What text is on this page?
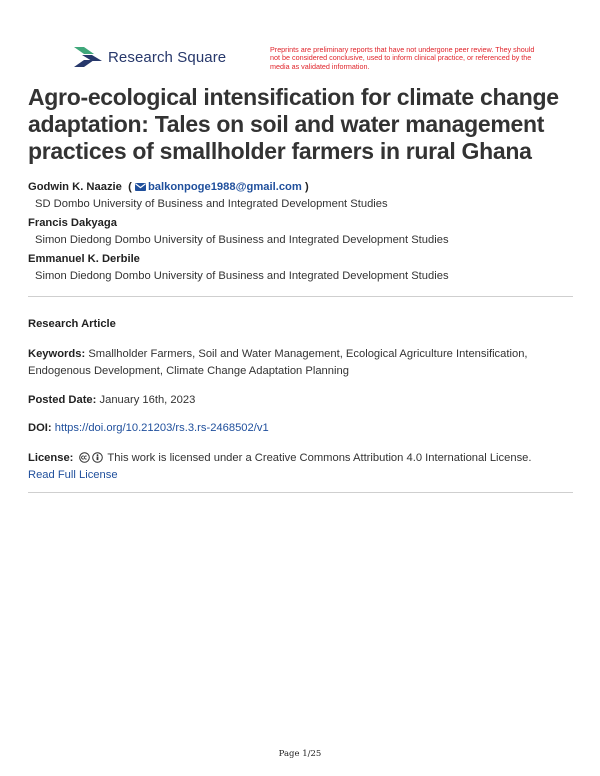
Research Square	Preprints are preliminary reports that have not undergone peer review. They should not be considered conclusive, used to inform clinical practice, or referenced by the media as validated information.
Agro-ecological intensification for climate change adaptation: Tales on soil and water management practices of smallholder farmers in rural Ghana
Godwin K. Naazie  ( balkonpoge1988@gmail.com )
SD Dombo University of Business and Integrated Development Studies
Francis Dakyaga
Simon Diedong Dombo University of Business and Integrated Development Studies
Emmanuel K. Derbile
Simon Diedong Dombo University of Business and Integrated Development Studies
Research Article
Keywords: Smallholder Farmers, Soil and Water Management, Ecological Agriculture Intensification, Endogenous Development, Climate Change Adaptation Planning
Posted Date: January 16th, 2023
DOI: https://doi.org/10.21203/rs.3.rs-2468502/v1
License:	This work is licensed under a Creative Commons Attribution 4.0 International License.
Read Full License
Page 1/25
